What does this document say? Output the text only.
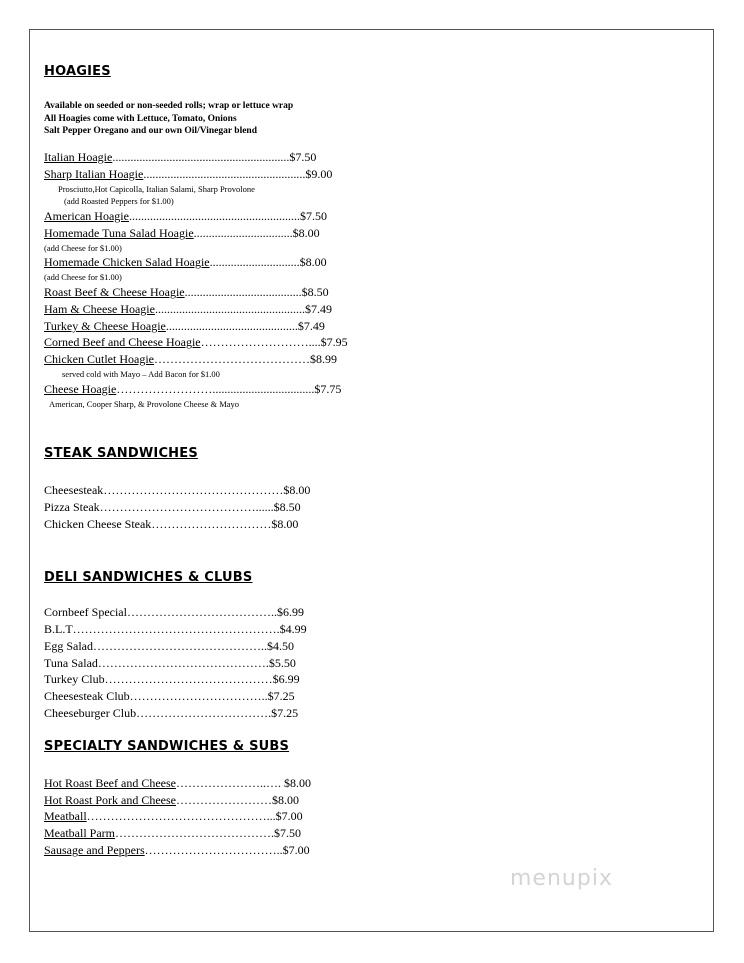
HOAGIES
Available on seeded or non-seeded rolls; wrap or lettuce wrap
All Hoagies come with Lettuce, Tomato, Onions
Salt Pepper Oregano and our own Oil/Vinegar blend
Italian Hoagie...........................................................$7.50
Sharp Italian Hoagie......................................................$9.00
Prosciutto,Hot Capicolla, Italian Salami, Sharp Provolone
(add Roasted Peppers for $1.00)
American Hoagie.........................................................$7.50
Homemade Tuna Salad Hoagie.................................$8.00
(add Cheese for $1.00)
Homemade Chicken Salad Hoagie..............................$8.00
(add Cheese for $1.00)
Roast Beef & Cheese Hoagie.......................................$8.50
Ham & Cheese Hoagie..................................................$7.49
Turkey & Cheese Hoagie............................................$7.49
Corned Beef and Cheese Hoagie………………………....$7.95
Chicken Cutlet Hoagie…………………………………$8.99
served cold with Mayo – Add Bacon for $1.00
Cheese Hoagie……………………..................................$7.75
American, Cooper Sharp, & Provolone Cheese & Mayo
STEAK SANDWICHES
Cheesesteak………………………………………$8.00
Pizza Steak…………………………………......$8.50
Chicken Cheese Steak…………………………$8.00
DELI SANDWICHES & CLUBS
Cornbeef Special………………………………..$6.99
B.L.T…………………………………………….$4.99
Egg Salad……………………………………..$4.50
Tuna Salad…………………………………….$5.50
Turkey Club……………………………………$6.99
Cheesesteak Club……………………………..$7.25
Cheeseburger Club…………………………….$7.25
SPECIALTY SANDWICHES & SUBS
Hot Roast Beef and Cheese…………………..…. $8.00
Hot Roast Pork and Cheese……………………$8.00
Meatball………………………………………...$7.00
Meatball Parm………………………………….$7.50
Sausage and Peppers……………………………..$7.00
menupix
